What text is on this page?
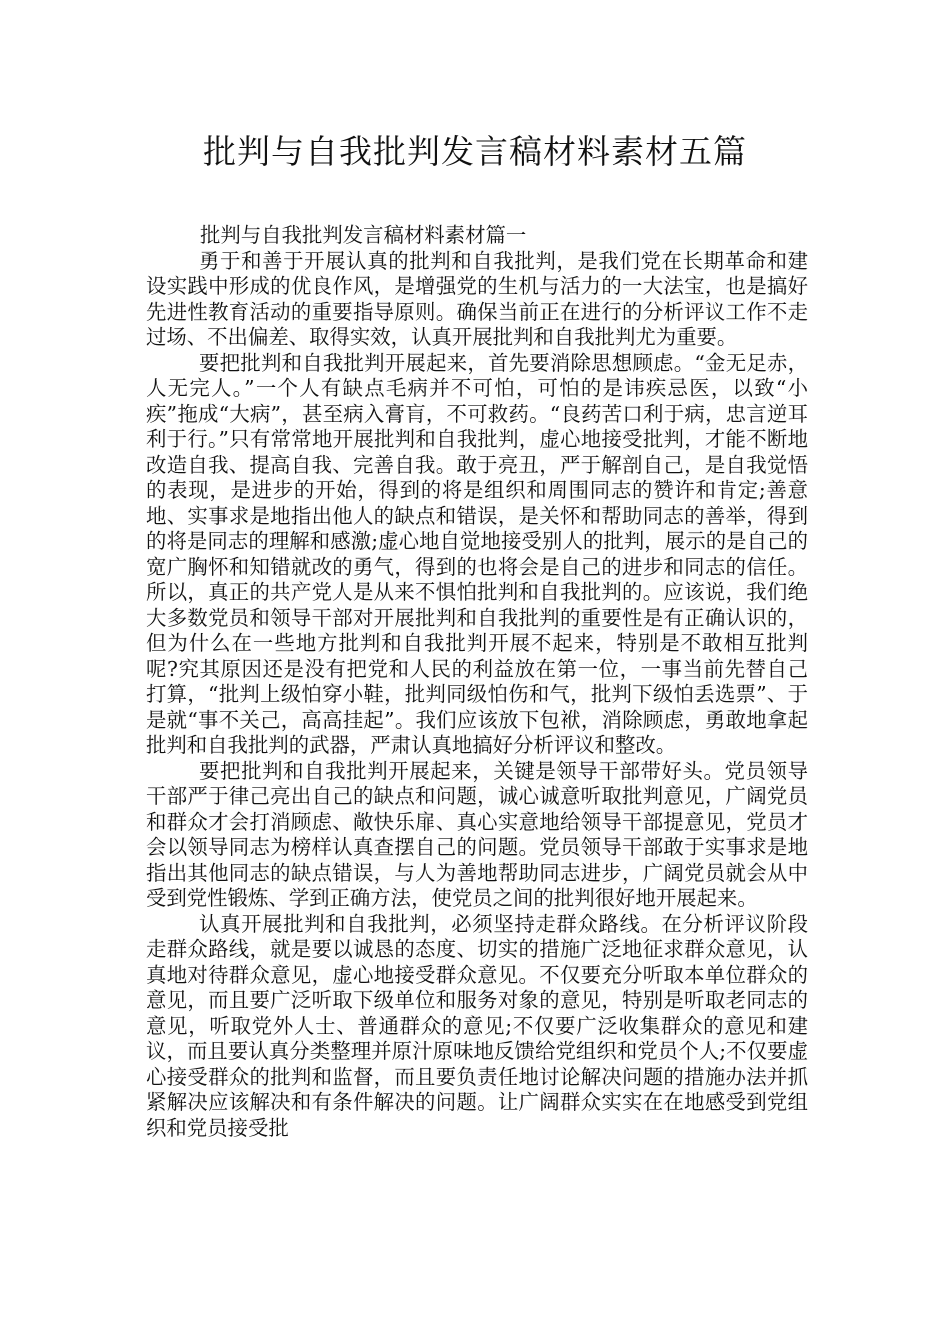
批判与自我批判发言稿材料素材五篇
批判与自我批判发言稿材料素材篇一

勇于和善于开展认真的批判和自我批判，是我们党在长期革命和建设实践中形成的优良作风，是增强党的生机与活力的一大法宝，也是搞好先进性教育活动的重要指导原则。确保当前正在进行的分析评议工作不走过场、不出偏差、取得实效，认真开展批判和自我批判尤为重要。

要把批判和自我批判开展起来，首先要消除思想顾虑。“金无足赤，人无完人。”一个人有缺点毛病并不可怕，可怕的是讳疾忌医，以致“小疾”拖成“大病”，甚至病入膏肓，不可救药。“良药苦口利于病，忠言逆耳利于行。”只有常常地开展批判和自我批判，虚心地接受批判，才能不断地改造自我、提高自我、完善自我。敢于亮丑，严于解剖自己，是自我觉悟的表现，是进步的开始，得到的将是组织和周围同志的赞许和肯定;善意地、实事求是地指出他人的缺点和错误，是关怀和帮助同志的善举，得到的将是同志的理解和感激;虚心地自觉地接受别人的批判，展示的是自己的宽广胸怀和知错就改的勇气，得到的也将会是自己的进步和同志的信任。所以，真正的共产党人是从来不惧怕批判和自我批判的。应该说，我们绝大多数党员和领导干部对开展批判和自我批判的重要性是有正确认识的，但为什么在一些地方批判和自我批判开展不起来，特别是不敢相互批判呢?究其原因还是没有把党和人民的利益放在第一位，一事当前先替自己打算，“批判上级怕穿小鞋，批判同级怕伤和气，批判下级怕丢选票”、于是就“事不关己，高高挂起”。我们应该放下包袱，消除顾虑，勇敢地拿起批判和自我批判的武器，严肃认真地搞好分析评议和整改。

要把批判和自我批判开展起来，关键是领导干部带好头。党员领导干部严于律己亮出自己的缺点和问题，诚心诚意听取批判意见，广阔党员和群众才会打消顾虑、敞快乐扉、真心实意地给领导干部提意见，党员才会以领导同志为榜样认真查摆自己的问题。党员领导干部敢于实事求是地指出其他同志的缺点错误，与人为善地帮助同志进步，广阔党员就会从中受到党性锻炼、学到正确方法，使党员之间的批判很好地开展起来。

认真开展批判和自我批判，必须坚持走群众路线。在分析评议阶段走群众路线，就是要以诚恳的态度、切实的措施广泛地征求群众意见，认真地对待群众意见，虚心地接受群众意见。不仅要充分听取本单位群众的意见，而且要广泛听取下级单位和服务对象的意见，特别是听取老同志的意见，听取党外人士、普通群众的意见;不仅要广泛收集群众的意见和建议，而且要认真分类整理并原汁原味地反馈给党组织和党员个人;不仅要虚心接受群众的批判和监督，而且要负责任地讨论解决问题的措施办法并抓紧解决应该解决和有条件解决的问题。让广阔群众实实在在地感受到党组织和党员接受批
